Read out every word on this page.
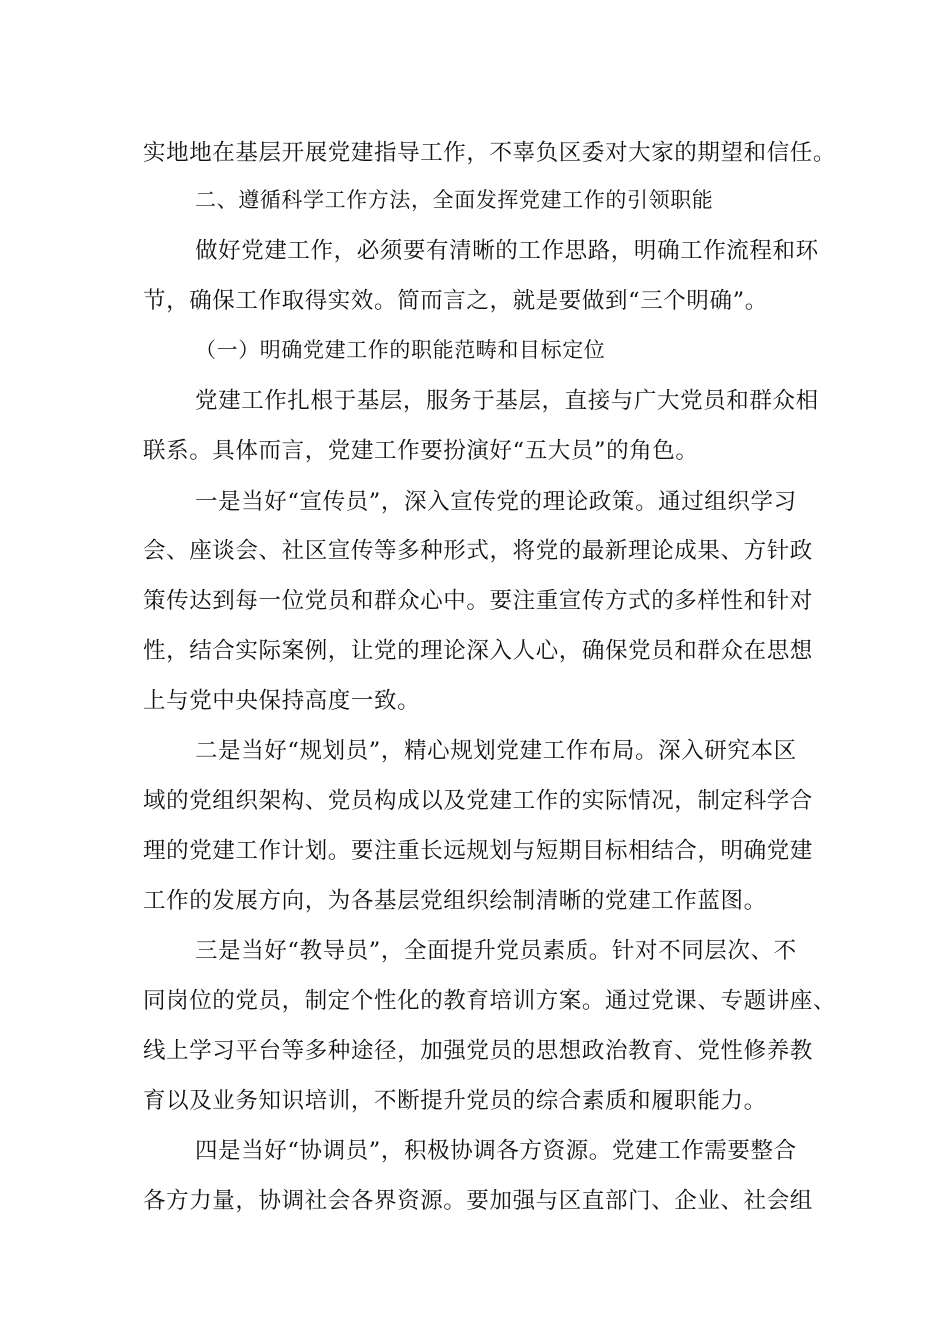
实地地在基层开展党建指导工作，不辜负区委对大家的期望和信任。
二、遵循科学工作方法，全面发挥党建工作的引领职能
做好党建工作，必须要有清晰的工作思路，明确工作流程和环
节，确保工作取得实效。简而言之，就是要做到“三个明确”。
（一）明确党建工作的职能范畴和目标定位
党建工作扎根于基层，服务于基层，直接与广大党员和群众相
联系。具体而言，党建工作要扮演好“五大员”的角色。
一是当好“宣传员”，深入宣传党的理论政策。通过组织学习
会、座谈会、社区宣传等多种形式，将党的最新理论成果、方针政
策传达到每一位党员和群众心中。要注重宣传方式的多样性和针对
性，结合实际案例，让党的理论深入人心，确保党员和群众在思想
上与党中央保持高度一致。
二是当好“规划员”，精心规划党建工作布局。深入研究本区
域的党组织架构、党员构成以及党建工作的实际情况，制定科学合
理的党建工作计划。要注重长远规划与短期目标相结合，明确党建
工作的发展方向，为各基层党组织绘制清晰的党建工作蓝图。
三是当好“教导员”，全面提升党员素质。针对不同层次、不
同岗位的党员，制定个性化的教育培训方案。通过党课、专题讲座、
线上学习平台等多种途径，加强党员的思想政治教育、党性修养教
育以及业务知识培训，不断提升党员的综合素质和履职能力。
四是当好“协调员”，积极协调各方资源。党建工作需要整合
各方力量，协调社会各界资源。要加强与区直部门、企业、社会组
